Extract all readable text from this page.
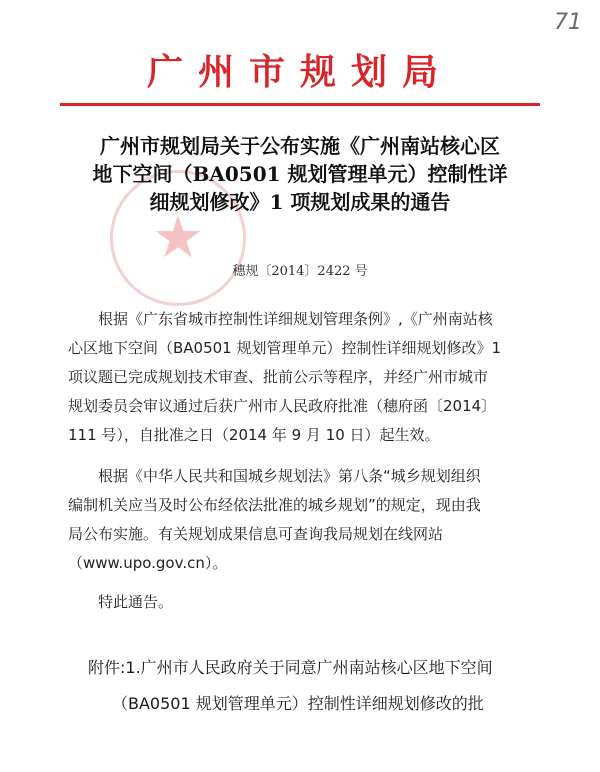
71
广州市规划局
★
广州市规划局关于公布实施《广州南站核心区
地下空间（BA0501 规划管理单元）控制性详
细规划修改》1 项规划成果的通告
穗规〔2014〕2422 号
　　根据《广东省城市控制性详细规划管理条例》,《广州南站核
心区地下空间（BA0501 规划管理单元）控制性详细规划修改》1
项议题已完成规划技术审查、批前公示等程序，并经广州市城市
规划委员会审议通过后获广州市人民政府批准（穗府函〔2014〕
111 号），自批准之日（2014 年 9 月 10 日）起生效。
　　根据《中华人民共和国城乡规划法》第八条“城乡规划组织
编制机关应当及时公布经依法批准的城乡规划”的规定，现由我
局公布实施。有关规划成果信息可查询我局规划在线网站
（www.upo.gov.cn）。
　　特此通告。
附件:1.广州市人民政府关于同意广州南站核心区地下空间
　　（BA0501 规划管理单元）控制性详细规划修改的批
